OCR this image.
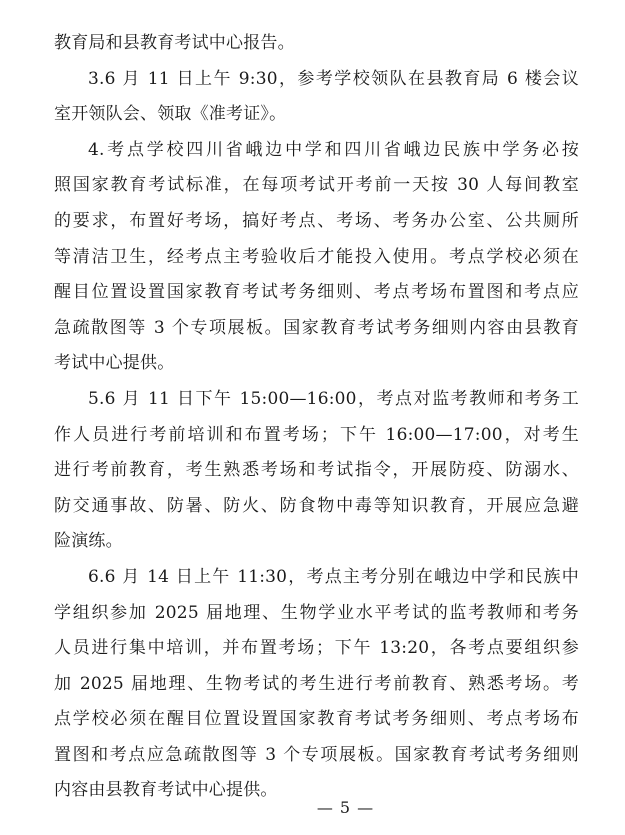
教育局和县教育考试中心报告。
3.6 月 11 日上午 9:30，参考学校领队在县教育局 6 楼会议
室开领队会、领取《准考证》。
4.考点学校四川省峨边中学和四川省峨边民族中学务必按
照国家教育考试标准，在每项考试开考前一天按 30 人每间教室
的要求，布置好考场，搞好考点、考场、考务办公室、公共厕所
等清洁卫生，经考点主考验收后才能投入使用。考点学校必须在
醒目位置设置国家教育考试考务细则、考点考场布置图和考点应
急疏散图等 3 个专项展板。国家教育考试考务细则内容由县教育
考试中心提供。
5.6 月 11 日下午 15:00—16:00，考点对监考教师和考务工
作人员进行考前培训和布置考场；下午 16:00—17:00，对考生
进行考前教育，考生熟悉考场和考试指令，开展防疫、防溺水、
防交通事故、防暑、防火、防食物中毒等知识教育，开展应急避
险演练。
6.6 月 14 日上午 11:30，考点主考分别在峨边中学和民族中
学组织参加 2025 届地理、生物学业水平考试的监考教师和考务
人员进行集中培训，并布置考场；下午 13:20，各考点要组织参
加 2025 届地理、生物考试的考生进行考前教育、熟悉考场。考
点学校必须在醒目位置设置国家教育考试考务细则、考点考场布
置图和考点应急疏散图等 3 个专项展板。国家教育考试考务细则
内容由县教育考试中心提供。
— 5 —
